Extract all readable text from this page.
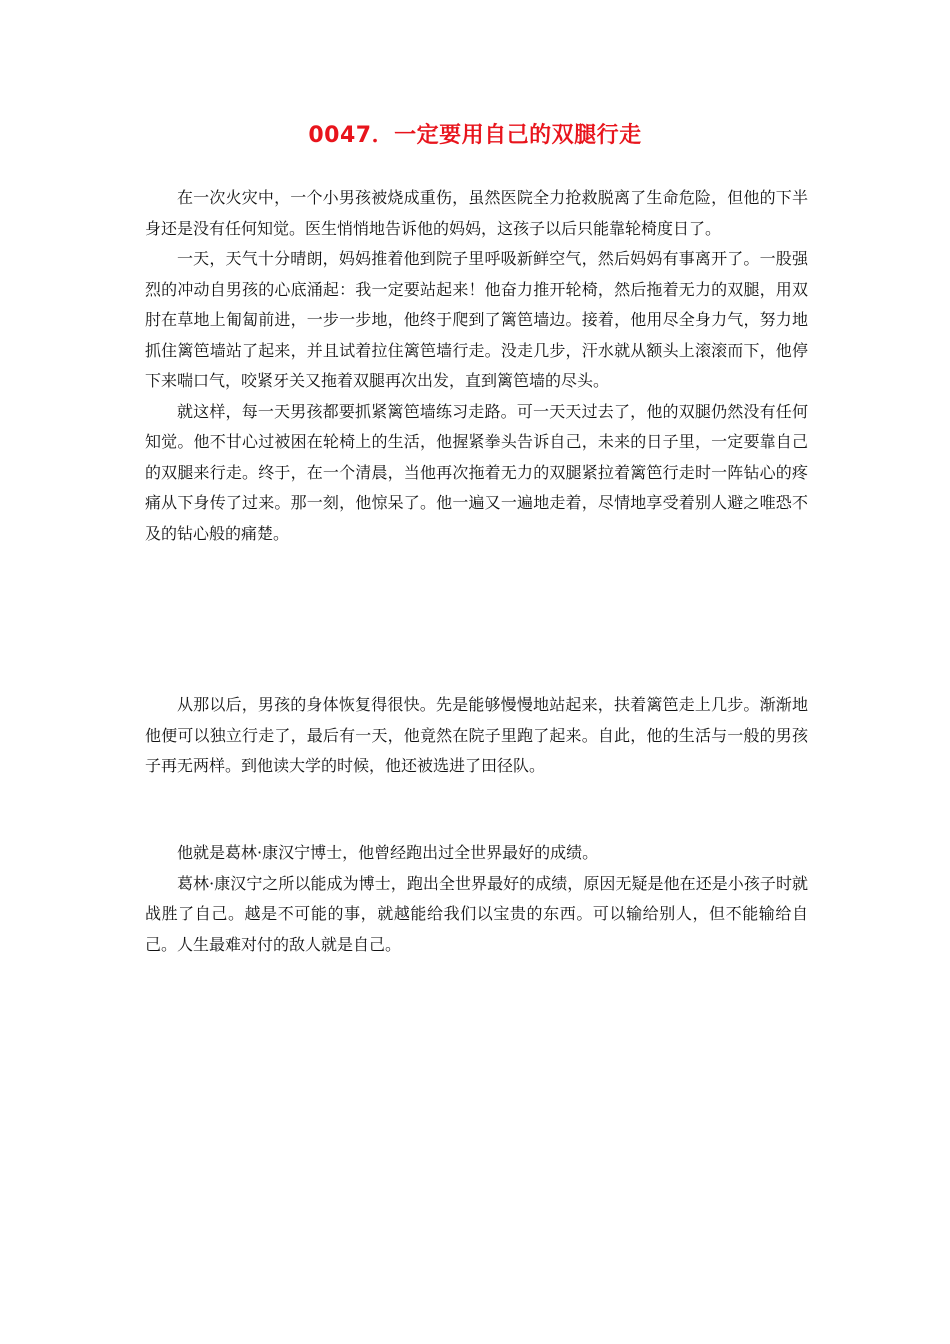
0047．一定要用自己的双腿行走

在一次火灾中，一个小男孩被烧成重伤，虽然医院全力抢救脱离了生命危险，但他的下半身还是没有任何知觉。医生悄悄地告诉他的妈妈，这孩子以后只能靠轮椅度日了。

一天，天气十分晴朗，妈妈推着他到院子里呼吸新鲜空气，然后妈妈有事离开了。一股强烈的冲动自男孩的心底涌起：我一定要站起来！他奋力推开轮椅，然后拖着无力的双腿，用双肘在草地上匍匐前进，一步一步地，他终于爬到了篱笆墙边。接着，他用尽全身力气，努力地抓住篱笆墙站了起来，并且试着拉住篱笆墙行走。没走几步，汗水就从额头上滚滚而下，他停下来喘口气，咬紧牙关又拖着双腿再次出发，直到篱笆墙的尽头。

就这样，每一天男孩都要抓紧篱笆墙练习走路。可一天天过去了，他的双腿仍然没有任何知觉。他不甘心过被困在轮椅上的生活，他握紧拳头告诉自己，未来的日子里，一定要靠自己的双腿来行走。终于，在一个清晨，当他再次拖着无力的双腿紧拉着篱笆行走时一阵钻心的疼痛从下身传了过来。那一刻，他惊呆了。他一遍又一遍地走着，尽情地享受着别人避之唯恐不及的钻心般的痛楚。

从那以后，男孩的身体恢复得很快。先是能够慢慢地站起来，扶着篱笆走上几步。渐渐地他便可以独立行走了，最后有一天，他竟然在院子里跑了起来。自此，他的生活与一般的男孩子再无两样。到他读大学的时候，他还被选进了田径队。

他就是葛林·康汉宁博士，他曾经跑出过全世界最好的成绩。

葛林·康汉宁之所以能成为博士，跑出全世界最好的成绩，原因无疑是他在还是小孩子时就战胜了自己。越是不可能的事，就越能给我们以宝贵的东西。可以输给别人，但不能输给自己。人生最难对付的敌人就是自己。
